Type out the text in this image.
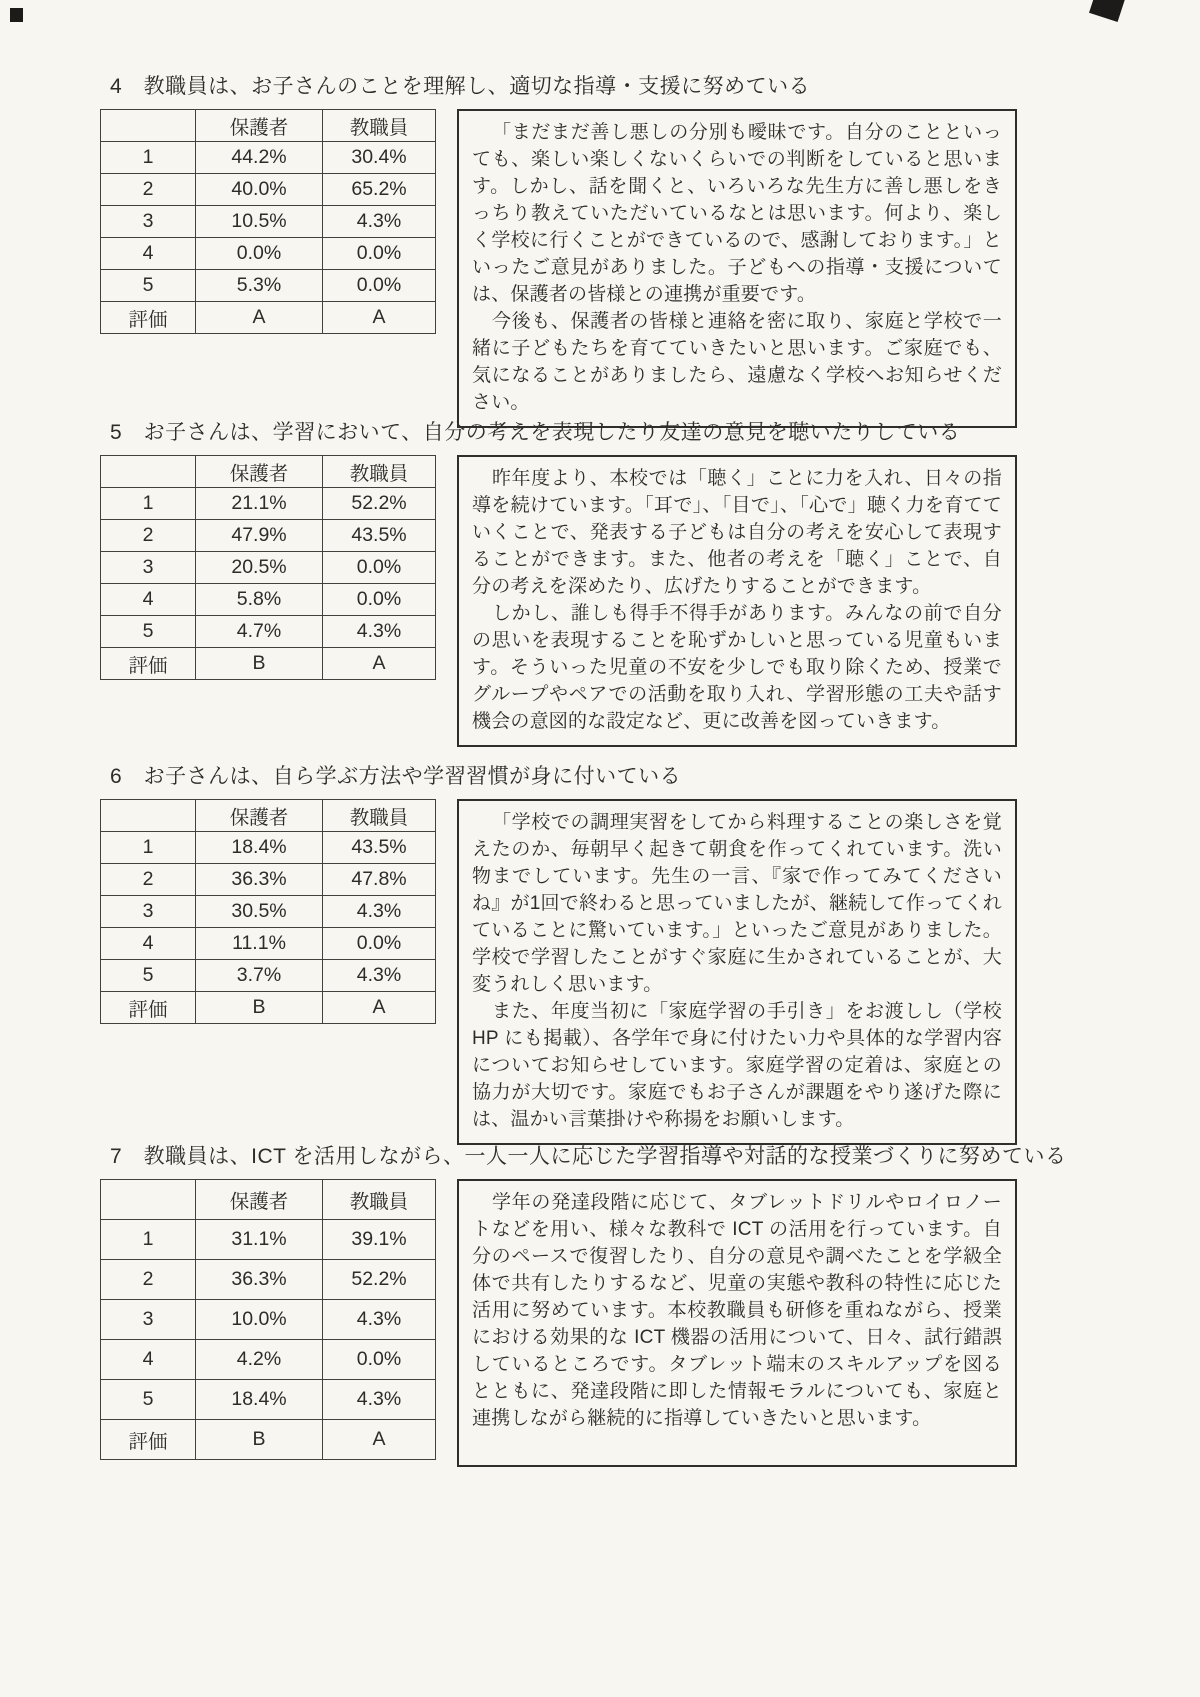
4　教職員は、お子さんのことを理解し、適切な指導・支援に努めている
	保護者	教職員
1	44.2%	30.4%
2	40.0%	65.2%
3	10.5%	4.3%
4	0.0%	0.0%
5	5.3%	0.0%
評価	A	A

「まだまだ善し悪しの分別も曖昧です。自分のことといっても、楽しい楽しくないくらいでの判断をしていると思います。しかし、話を聞くと、いろいろな先生方に善し悪しをきっちり教えていただいているなとは思います。何より、楽しく学校に行くことができているので、感謝しております。」といったご意見がありました。子どもへの指導・支援については、保護者の皆様との連携が重要です。

今後も、保護者の皆様と連絡を密に取り、家庭と学校で一緒に子どもたちを育てていきたいと思います。ご家庭でも、気になることがありましたら、遠慮なく学校へお知らせください。

5　お子さんは、学習において、自分の考えを表現したり友達の意見を聴いたりしている
	保護者	教職員
1	21.1%	52.2%
2	47.9%	43.5%
3	20.5%	0.0%
4	5.8%	0.0%
5	4.7%	4.3%
評価	B	A

昨年度より、本校では「聴く」ことに力を入れ、日々の指導を続けています。「耳で」、「目で」、「心で」聴く力を育てていくことで、発表する子どもは自分の考えを安心して表現することができます。また、他者の考えを「聴く」ことで、自分の考えを深めたり、広げたりすることができます。

しかし、誰しも得手不得手があります。みんなの前で自分の思いを表現することを恥ずかしいと思っている児童もいます。そういった児童の不安を少しでも取り除くため、授業でグループやペアでの活動を取り入れ、学習形態の工夫や話す機会の意図的な設定など、更に改善を図っていきます。

6　お子さんは、自ら学ぶ方法や学習習慣が身に付いている
	保護者	教職員
1	18.4%	43.5%
2	36.3%	47.8%
3	30.5%	4.3%
4	11.1%	0.0%
5	3.7%	4.3%
評価	B	A

「学校での調理実習をしてから料理することの楽しさを覚えたのか、毎朝早く起きて朝食を作ってくれています。洗い物までしています。先生の一言、『家で作ってみてくださいね』が1回で終わると思っていましたが、継続して作ってくれていることに驚いています。」といったご意見がありました。学校で学習したことがすぐ家庭に生かされていることが、大変うれしく思います。

また、年度当初に「家庭学習の手引き」をお渡しし（学校 HP にも掲載）、各学年で身に付けたい力や具体的な学習内容についてお知らせしています。家庭学習の定着は、家庭との協力が大切です。家庭でもお子さんが課題をやり遂げた際には、温かい言葉掛けや称揚をお願いします。

7　教職員は、ICT を活用しながら、一人一人に応じた学習指導や対話的な授業づくりに努めている
	保護者	教職員
1	31.1%	39.1%
2	36.3%	52.2%
3	10.0%	4.3%
4	4.2%	0.0%
5	18.4%	4.3%
評価	B	A

学年の発達段階に応じて、タブレットドリルやロイロノートなどを用い、様々な教科で ICT の活用を行っています。自分のペースで復習したり、自分の意見や調べたことを学級全体で共有したりするなど、児童の実態や教科の特性に応じた活用に努めています。本校教職員も研修を重ねながら、授業における効果的な ICT 機器の活用について、日々、試行錯誤しているところです。タブレット端末のスキルアップを図るとともに、発達段階に即した情報モラルについても、家庭と連携しながら継続的に指導していきたいと思います。
